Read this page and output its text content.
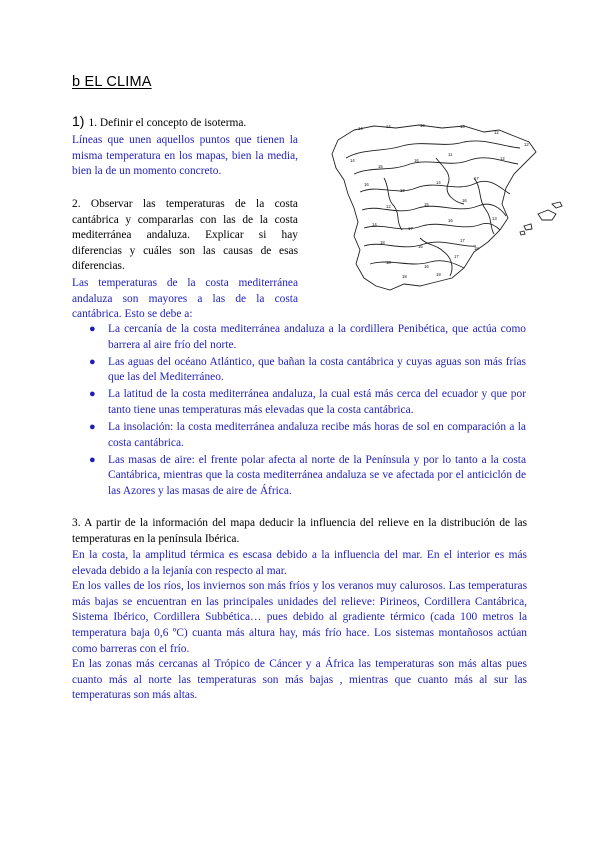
b EL CLIMA
1) 1. Definir el concepto de isoterma.
Líneas que unen aquellos puntos que tienen la misma temperatura en los mapas, bien la media, bien la de un momento concreto.
2. Observar las temperaturas de la costa cantábrica y compararlas con las de la costa mediterránea andaluza. Explicar si hay diferencias y cuáles son las causas de esas diferencias.
Las temperaturas de la costa mediterránea andaluza son mayores a las de la costa cantábrica. Esto se debe a:
14	14	13	13
12
12
14
15
16
11
12
16
13
14
17
12	15
16
14
17
16	13
18
15
17
18
16
18	19
17
18
● La cercanía de la costa mediterránea andaluza a la cordillera Penibética, que actúa como barrera al aire frío del norte.
● Las aguas del océano Atlántico, que bañan la costa cantábrica y cuyas aguas son más frías que las del Mediterráneo.
● La latitud de la costa mediterránea andaluza, la cual está más cerca del ecuador y que por tanto tiene unas temperaturas más elevadas que la costa cantábrica.
● La insolación: la costa mediterránea andaluza recibe más horas de sol en comparación a la costa cantábrica.
● Las masas de aire: el frente polar afecta al norte de la Península y por lo tanto a la costa Cantábrica, mientras que la costa mediterránea andaluza se ve afectada por el anticiclón de las Azores y las masas de aire de África.
3. A partir de la información del mapa deducir la influencia del relieve en la distribución de las temperaturas en la península Ibérica.

En la costa, la amplitud térmica es escasa debido a la influencia del mar. En el interior es más elevada debido a la lejanía con respecto al mar.

En los valles de los ríos, los inviernos son más fríos y los veranos muy calurosos. Las temperaturas más bajas se encuentran en las principales unidades del relieve: Pirineos, Cordillera Cantábrica, Sistema Ibérico, Cordillera Subbética… pues debido al gradiente térmico (cada 100 metros la temperatura baja 0,6 ºC) cuanta más altura hay, más frío hace. Los sistemas montañosos actúan como barreras con el frío.

En las zonas más cercanas al Trópico de Cáncer y a África las temperaturas son más altas pues cuanto más al norte las temperaturas son más bajas , mientras que cuanto más al sur las temperaturas son más altas.
